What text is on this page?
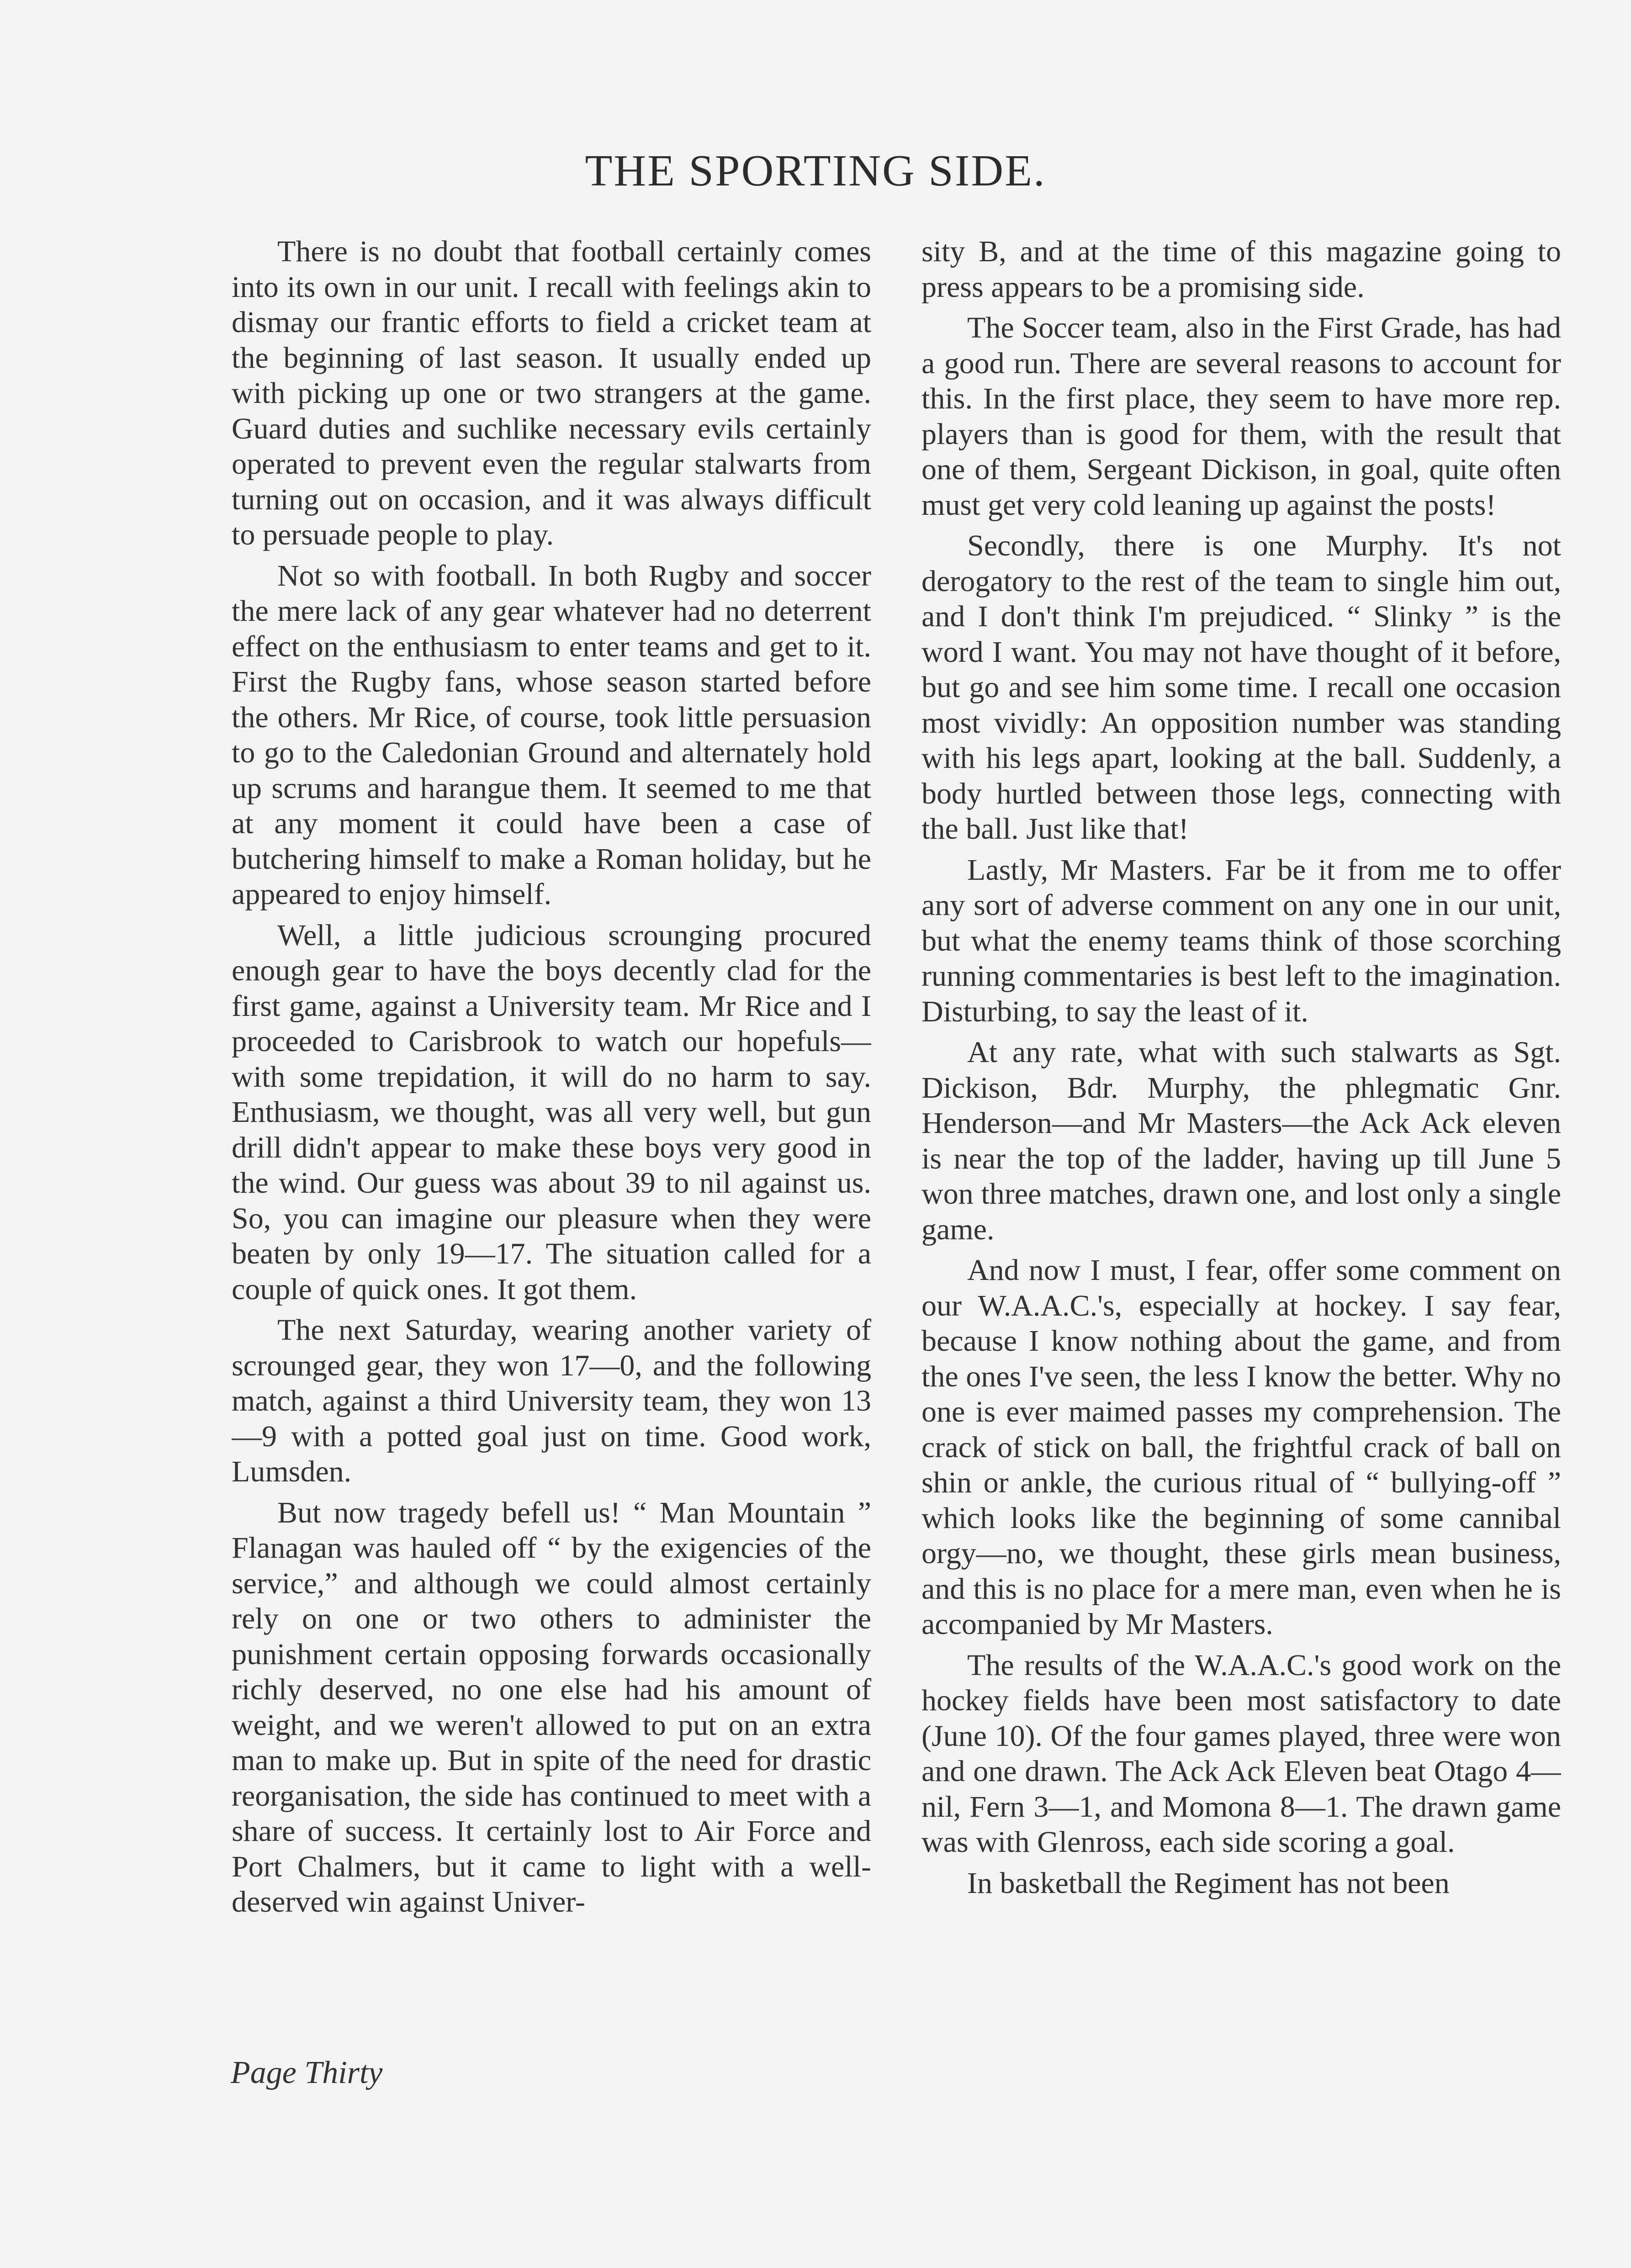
THE SPORTING SIDE.

There is no doubt that football certainly comes into its own in our unit. I recall with feelings akin to dismay our frantic efforts to field a cricket team at the beginning of last season. It usually ended up with picking up one or two strangers at the game. Guard duties and suchlike necessary evils certainly operated to prevent even the regular stalwarts from turning out on occasion, and it was always difficult to persuade people to play.

Not so with football. In both Rugby and soccer the mere lack of any gear whatever had no deterrent effect on the enthusiasm to enter teams and get to it. First the Rugby fans, whose season started before the others. Mr Rice, of course, took little persuasion to go to the Caledonian Ground and alternately hold up scrums and harangue them. It seemed to me that at any moment it could have been a case of butchering himself to make a Roman holiday, but he appeared to enjoy himself.

Well, a little judicious scrounging procured enough gear to have the boys decently clad for the first game, against a University team. Mr Rice and I proceeded to Carisbrook to watch our hopefuls—with some trepidation, it will do no harm to say. Enthusiasm, we thought, was all very well, but gun drill didn't appear to make these boys very good in the wind. Our guess was about 39 to nil against us. So, you can imagine our pleasure when they were beaten by only 19—17. The situation called for a couple of quick ones. It got them.

The next Saturday, wearing another variety of scrounged gear, they won 17—0, and the following match, against a third University team, they won 13—9 with a potted goal just on time. Good work, Lumsden.

But now tragedy befell us! “ Man Mountain ” Flanagan was hauled off “ by the exigencies of the service,” and although we could almost certainly rely on one or two others to administer the punishment certain opposing forwards occasionally richly deserved, no one else had his amount of weight, and we weren't allowed to put on an extra man to make up. But in spite of the need for drastic reorganisation, the side has continued to meet with a share of success. It certainly lost to Air Force and Port Chalmers, but it came to light with a well-deserved win against Univer-

sity B, and at the time of this magazine going to press appears to be a promising side.

The Soccer team, also in the First Grade, has had a good run. There are several reasons to account for this. In the first place, they seem to have more rep. players than is good for them, with the result that one of them, Sergeant Dickison, in goal, quite often must get very cold leaning up against the posts!

Secondly, there is one Murphy. It's not derogatory to the rest of the team to single him out, and I don't think I'm prejudiced. “ Slinky ” is the word I want. You may not have thought of it before, but go and see him some time. I recall one occasion most vividly: An opposition number was standing with his legs apart, looking at the ball. Suddenly, a body hurtled between those legs, connecting with the ball. Just like that!

Lastly, Mr Masters. Far be it from me to offer any sort of adverse comment on any one in our unit, but what the enemy teams think of those scorching running commentaries is best left to the imagination. Disturbing, to say the least of it.

At any rate, what with such stalwarts as Sgt. Dickison, Bdr. Murphy, the phlegmatic Gnr. Henderson—and Mr Masters—the Ack Ack eleven is near the top of the ladder, having up till June 5 won three matches, drawn one, and lost only a single game.

And now I must, I fear, offer some comment on our W.A.A.C.'s, especially at hockey. I say fear, because I know nothing about the game, and from the ones I've seen, the less I know the better. Why no one is ever maimed passes my comprehension. The crack of stick on ball, the frightful crack of ball on shin or ankle, the curious ritual of “ bullying-off ” which looks like the beginning of some cannibal orgy—no, we thought, these girls mean business, and this is no place for a mere man, even when he is accompanied by Mr Masters.

The results of the W.A.A.C.'s good work on the hockey fields have been most satisfactory to date (June 10). Of the four games played, three were won and one drawn. The Ack Ack Eleven beat Otago 4—nil, Fern 3—1, and Momona 8—1. The drawn game was with Glenross, each side scoring a goal.

In basketball the Regiment has not been

Page Thirty
